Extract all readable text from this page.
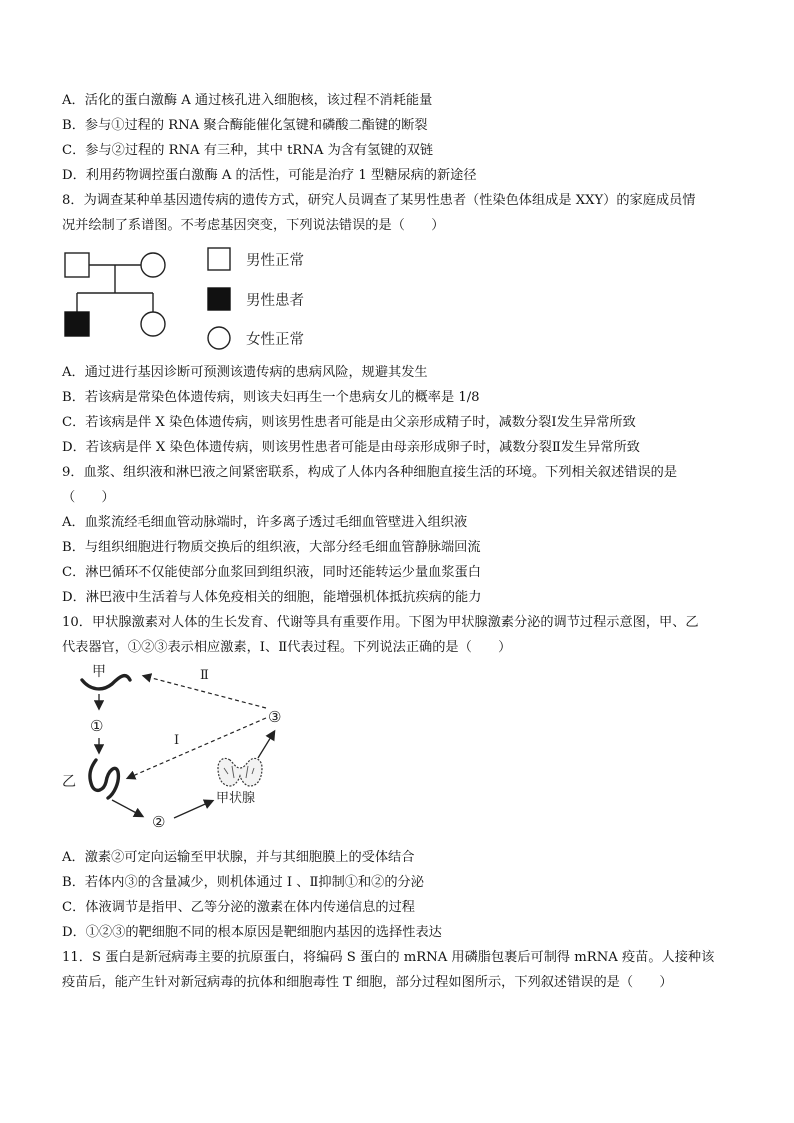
A．活化的蛋白激酶 A 通过核孔进入细胞核，该过程不消耗能量
B．参与①过程的 RNA 聚合酶能催化氢键和磷酸二酯键的断裂
C．参与②过程的 RNA 有三种，其中 tRNA 为含有氢键的双链
D．利用药物调控蛋白激酶 A 的活性，可能是治疗 1 型糖尿病的新途径
8．为调查某种单基因遗传病的遗传方式，研究人员调查了某男性患者（性染色体组成是 XXY）的家庭成员情
况并绘制了系谱图。不考虑基因突变，下列说法错误的是（　　）
男性正常
男性患者
女性正常
A．通过进行基因诊断可预测该遗传病的患病风险，规避其发生
B．若该病是常染色体遗传病，则该夫妇再生一个患病女儿的概率是 1/8
C．若该病是伴 X 染色体遗传病，则该男性患者可能是由父亲形成精子时，减数分裂Ⅰ发生异常所致
D．若该病是伴 X 染色体遗传病，则该男性患者可能是由母亲形成卵子时，减数分裂Ⅱ发生异常所致
9．血浆、组织液和淋巴液之间紧密联系，构成了人体内各种细胞直接生活的环境。下列相关叙述错误的是
（　　）
A．血浆流经毛细血管动脉端时，许多离子透过毛细血管壁进入组织液
B．与组织细胞进行物质交换后的组织液，大部分经毛细血管静脉端回流
C．淋巴循环不仅能使部分血浆回到组织液，同时还能转运少量血浆蛋白
D．淋巴液中生活着与人体免疫相关的细胞，能增强机体抵抗疾病的能力
10．甲状腺激素对人体的生长发育、代谢等具有重要作用。下图为甲状腺激素分泌的调节过程示意图，甲、乙
代表器官，①②③表示相应激素，I、Ⅱ代表过程。下列说法正确的是（　　）
甲
①
乙
②
甲状腺
③
I
Ⅱ
A．激素②可定向运输至甲状腺，并与其细胞膜上的受体结合
B．若体内③的含量减少，则机体通过 I 、Ⅱ抑制①和②的分泌
C．体液调节是指甲、乙等分泌的激素在体内传递信息的过程
D．①②③的靶细胞不同的根本原因是靶细胞内基因的选择性表达
11．S 蛋白是新冠病毒主要的抗原蛋白，将编码 S 蛋白的 mRNA 用磷脂包裹后可制得 mRNA 疫苗。人接种该
疫苗后，能产生针对新冠病毒的抗体和细胞毒性 T 细胞，部分过程如图所示，下列叙述错误的是（　　）
